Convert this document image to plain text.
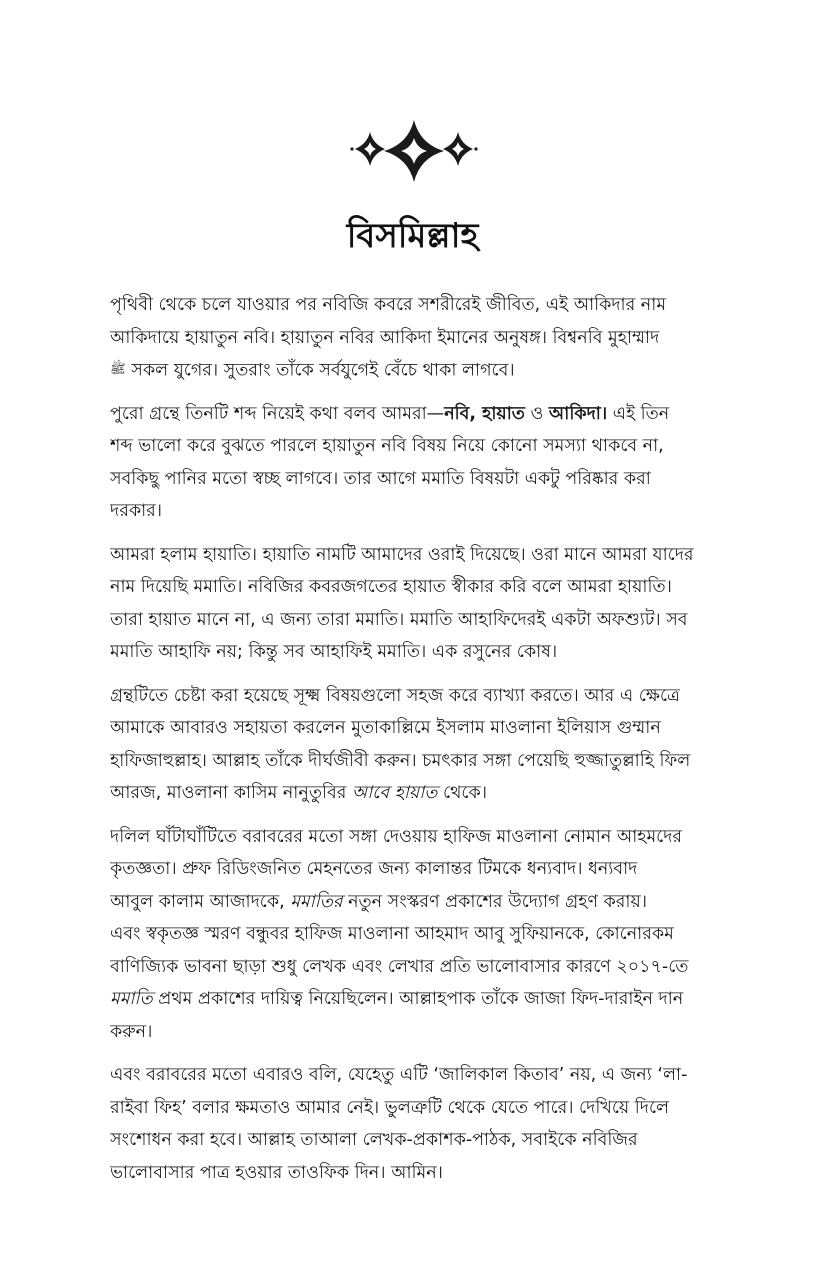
বিসমিল্লাহ

পৃথিবী থেকে চলে যাওয়ার পর নবিজি কবরে সশরীরেই জীবিত, এই আকিদার নাম
আকিদায়ে হায়াতুন নবি। হায়াতুন নবির আকিদা ইমানের অনুষঙ্গ। বিশ্বনবি মুহাম্মাদ
ﷺ সকল যুগের। সুতরাং তাঁকে সর্বযুগেই বেঁচে থাকা লাগবে।

পুরো গ্রন্থে তিনটি শব্দ নিয়েই কথা বলব আমরা—নবি, হায়াত ও আকিদা। এই তিন
শব্দ ভালো করে বুঝতে পারলে হায়াতুন নবি বিষয় নিয়ে কোনো সমস্যা থাকবে না,
সবকিছু পানির মতো স্বচ্ছ লাগবে। তার আগে মমাতি বিষয়টা একটু পরিষ্কার করা
দরকার।

আমরা হলাম হায়াতি। হায়াতি নামটি আমাদের ওরাই দিয়েছে। ওরা মানে আমরা যাদের
নাম দিয়েছি মমাতি। নবিজির কবরজগতের হায়াত স্বীকার করি বলে আমরা হায়াতি।
তারা হায়াত মানে না, এ জন্য তারা মমাতি। মমাতি আহাফিদেরই একটা অফশ্যুট। সব
মমাতি আহাফি নয়; কিন্তু সব আহাফিই মমাতি। এক রসুনের কোষ।

গ্রন্থটিতে চেষ্টা করা হয়েছে সূক্ষ্ম বিষয়গুলো সহজ করে ব্যাখ্যা করতে। আর এ ক্ষেত্রে
আমাকে আবারও সহায়তা করলেন মুতাকাল্লিমে ইসলাম মাওলানা ইলিয়াস গুম্মান
হাফিজাহুল্লাহ। আল্লাহ তাঁকে দীর্ঘজীবী করুন। চমৎকার সঙ্গা পেয়েছি হুজ্জাতুল্লাহি ফিল
আরজ, মাওলানা কাসিম নানুতুবির আবে হায়াত থেকে।

দলিল ঘাঁটাঘাঁটিতে বরাবরের মতো সঙ্গা দেওয়ায় হাফিজ মাওলানা নোমান আহমদের
কৃতজ্ঞতা। প্রুফ রিডিংজনিত মেহনতের জন্য কালান্তর টিমকে ধন্যবাদ। ধন্যবাদ
আবুল কালাম আজাদকে, মমাতির নতুন সংস্করণ প্রকাশের উদ্যোগ গ্রহণ করায়।
এবং স্বকৃতজ্ঞ স্মরণ বন্ধুবর হাফিজ মাওলানা আহমাদ আবু সুফিয়ানকে, কোনোরকম
বাণিজ্যিক ভাবনা ছাড়া শুধু লেখক এবং লেখার প্রতি ভালোবাসার কারণে ২০১৭-তে
মমাতি প্রথম প্রকাশের দায়িত্ব নিয়েছিলেন। আল্লাহপাক তাঁকে জাজা ফিদ-দারাইন দান
করুন।

এবং বরাবরের মতো এবারও বলি, যেহেতু এটি ‘জালিকাল কিতাব’ নয়, এ জন্য ‘লা-
রাইবা ফিহ’ বলার ক্ষমতাও আমার নেই। ভুলত্রুটি থেকে যেতে পারে। দেখিয়ে দিলে
সংশোধন করা হবে। আল্লাহ তাআলা লেখক-প্রকাশক-পাঠক, সবাইকে নবিজির
ভালোবাসার পাত্র হওয়ার তাওফিক দিন। আমিন।
